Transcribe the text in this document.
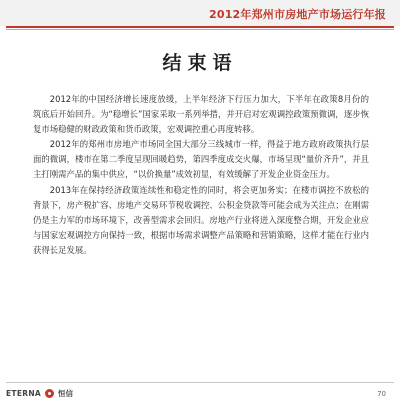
2012年郑州市房地产市场运行年报
结束语

2012年的中国经济增长速度放缓，上半年经济下行压力加大，下半年在政策8月份的筑底后开始回升。为“稳增长”国家采取一系列举措，并开启对宏观调控政策预微调，逐步恢复市场稳健的财政政策和货币政策，宏观调控重心再度转移。

2012年的郑州市房地产市场同全国大部分三线城市一样，得益于地方政府政策执行层面的微调，楼市在第二季度呈现回暖趋势，第四季度成交火爆，市场呈现“量价齐升”，并且主打刚需产品的集中供应，“以价换量”成效初显，有效缓解了开发企业资金压力。

2013年在保持经济政策连续性和稳定性的同时，将会更加务实；在楼市调控不放松的背景下，房产税扩容、房地产交易环节税收调控、公积金贷款等可能会成为关注点；在刚需仍是主力军的市场环境下，改善型需求会回归。房地产行业将进入深度整合期，开发企业应与国家宏观调控方向保持一致，根据市场需求调整产品策略和营销策略，这样才能在行业内获得长足发展。

ETERNA 恒信	70
